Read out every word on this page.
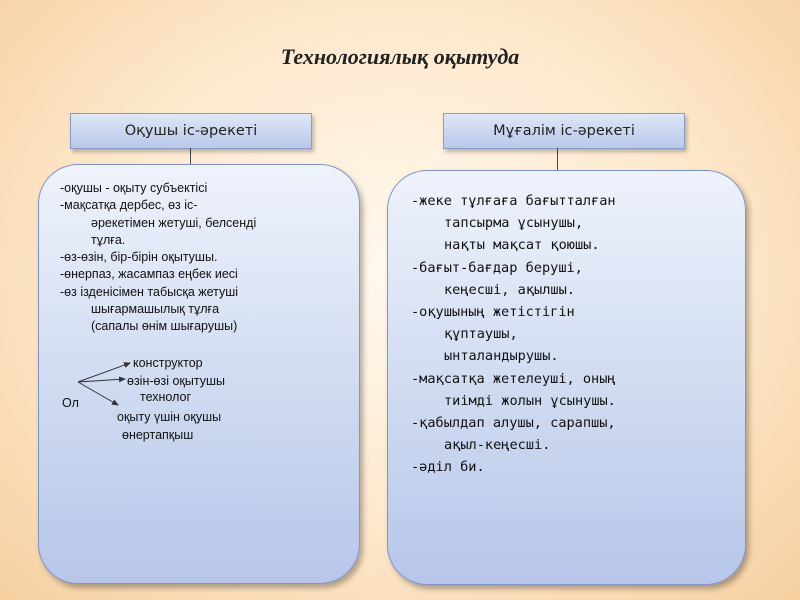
Технологиялық оқытуда
Оқушы іс-әрекеті	Мұғалім іс-әрекеті
-оқушы - оқыту субъектісі
-мақсатқа дербес, өз іс-
әрекетімен жетуші, белсенді
тұлға.
-өз-өзін, бір-бірін оқытушы.
-өнерпаз, жасампаз еңбек иесі
-өз ізденісімен табысқа жетуші
шығармашылық тұлға
(сапалы өнім шығарушы)
-жеке тұлғаға бағытталған
тапсырма ұсынушы,
нақты мақсат қоюшы.
-бағыт-бағдар беруші,
кеңесші, ақылшы.
-оқушының жетістігін
құптаушы,
ынталандырушы.
-мақсатқа жетелеуші, оның
тиімді жолын ұсынушы.
-қабылдап алушы, сарапшы,
ақыл-кеңесші.
-әділ би.
Ол
конструктор
өзін-өзі оқытушы
технолог
оқыту үшін оқушы
өнертапқыш
